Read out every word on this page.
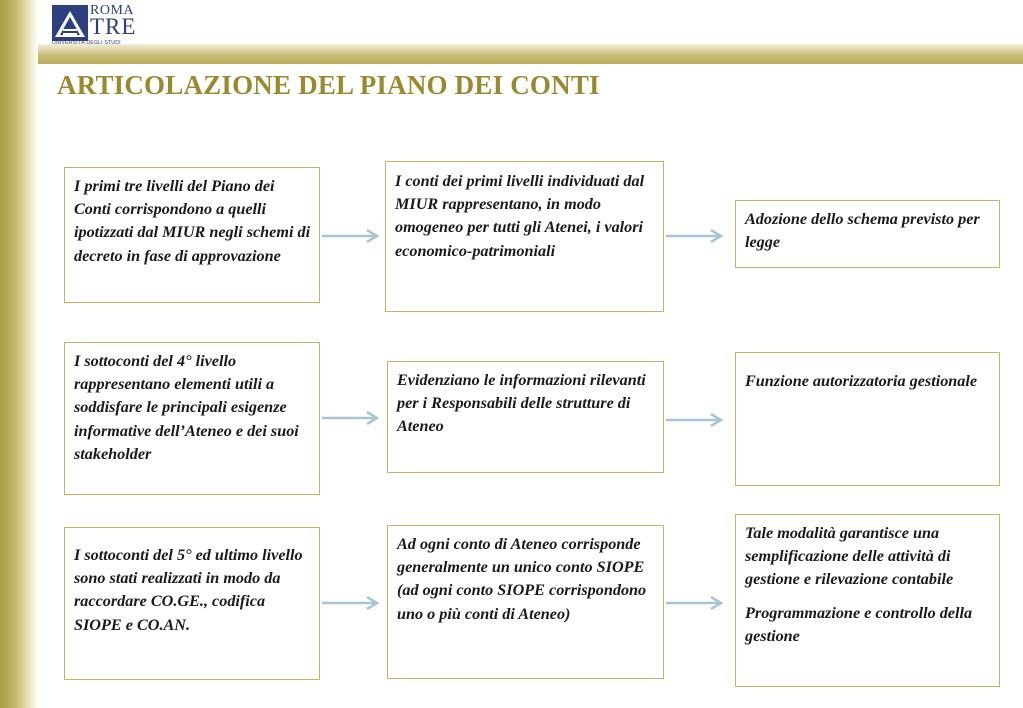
ROMA
TRE
UNIVERSITÀ DEGLI STUDI
ARTICOLAZIONE DEL PIANO DEI CONTI

I primi tre livelli del Piano dei Conti corrispondono a quelli ipotizzati dal MIUR negli schemi di decreto in fase di approvazione

I conti dei primi livelli individuati dal MIUR rappresentano, in modo omogeneo per tutti gli Atenei, i valori economico-patrimoniali

Adozione dello schema previsto per legge

I sottoconti del 4° livello rappresentano elementi utili a soddisfare le principali esigenze informative dell’Ateneo e dei suoi stakeholder

Evidenziano le informazioni rilevanti per i Responsabili delle strutture di Ateneo

Funzione autorizzatoria gestionale

I sottoconti del 5° ed ultimo livello sono stati realizzati in modo da raccordare CO.GE., codifica SIOPE e CO.AN.

Ad ogni conto di Ateneo corrisponde generalmente un unico conto SIOPE (ad ogni conto SIOPE corrispondono uno o più conti di Ateneo)

Tale modalità garantisce una semplificazione delle attività di gestione e rilevazione contabile

Programmazione e controllo della gestione
